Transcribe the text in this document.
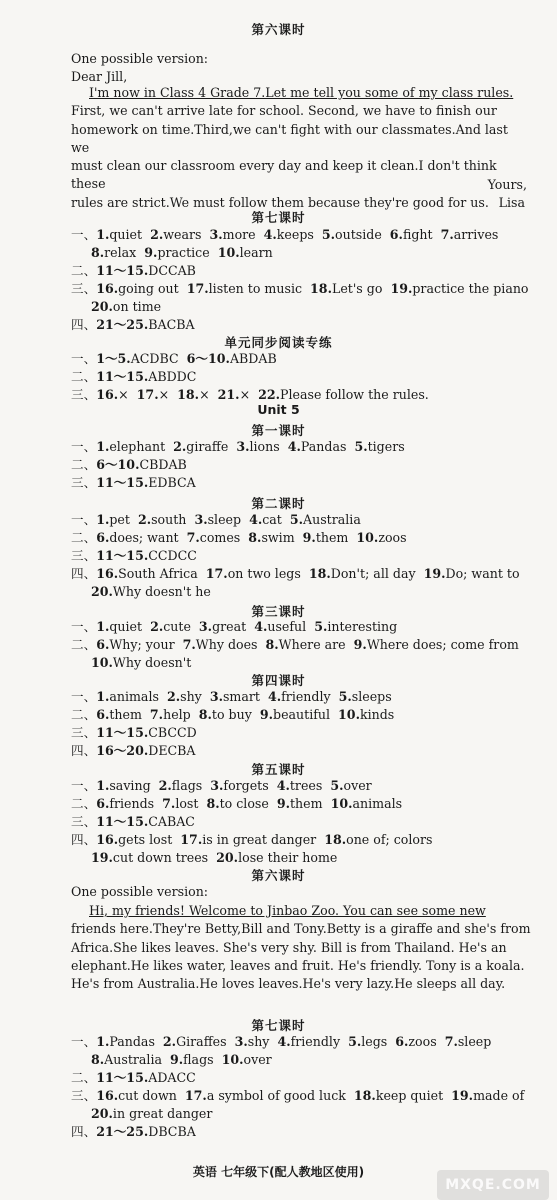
第六课时
One possible version:
Dear Jill,
I'm now in Class 4 Grade 7.Let me tell you some of my class rules.
First, we can't arrive late for school. Second, we have to finish our
homework on time.Third,we can't fight with our classmates.And last we
must clean our classroom every day and keep it clean.I don't think these
rules are strict.We must follow them because they're good for us.
Yours,
Lisa
第七课时
一、1.quiet  2.wears  3.more  4.keeps  5.outside  6.fight  7.arrives
8.relax  9.practice  10.learn
二、11～15.DCCAB
三、16.going out  17.listen to music  18.Let's go  19.practice the piano
20.on time
四、21～25.BACBA
单元同步阅读专练
一、1～5.ACDBC  6～10.ABDAB
二、11～15.ABDDC
三、16.×  17.×  18.×  21.×  22.Please follow the rules.
Unit 5
第一课时
一、1.elephant  2.giraffe  3.lions  4.Pandas  5.tigers
二、6～10.CBDAB
三、11～15.EDBCA
第二课时
一、1.pet  2.south  3.sleep  4.cat  5.Australia
二、6.does; want  7.comes  8.swim  9.them  10.zoos
三、11～15.CCDCC
四、16.South Africa  17.on two legs  18.Don't; all day  19.Do; want to
20.Why doesn't he
第三课时
一、1.quiet  2.cute  3.great  4.useful  5.interesting
二、6.Why; your  7.Why does  8.Where are  9.Where does; come from
10.Why doesn't
第四课时
一、1.animals  2.shy  3.smart  4.friendly  5.sleeps
二、6.them  7.help  8.to buy  9.beautiful  10.kinds
三、11～15.CBCCD
四、16～20.DECBA
第五课时
一、1.saving  2.flags  3.forgets  4.trees  5.over
二、6.friends  7.lost  8.to close  9.them  10.animals
三、11～15.CABAC
四、16.gets lost  17.is in great danger  18.one of; colors
19.cut down trees  20.lose their home
第六课时
One possible version:
Hi, my friends! Welcome to Jinbao Zoo. You can see some new
friends here.They're Betty,Bill and Tony.Betty is a giraffe and she's from
Africa.She likes leaves. She's very shy. Bill is from Thailand. He's an
elephant.He likes water, leaves and fruit. He's friendly. Tony is a koala.
He's from Australia.He loves leaves.He's very lazy.He sleeps all day.
第七课时
一、1.Pandas  2.Giraffes  3.shy  4.friendly  5.legs  6.zoos  7.sleep
8.Australia  9.flags  10.over
二、11～15.ADACC
三、16.cut down  17.a symbol of good luck  18.keep quiet  19.made of
20.in great danger
四、21～25.DBCBA
英语 七年级下(配人教地区使用)
MXQE.COM
